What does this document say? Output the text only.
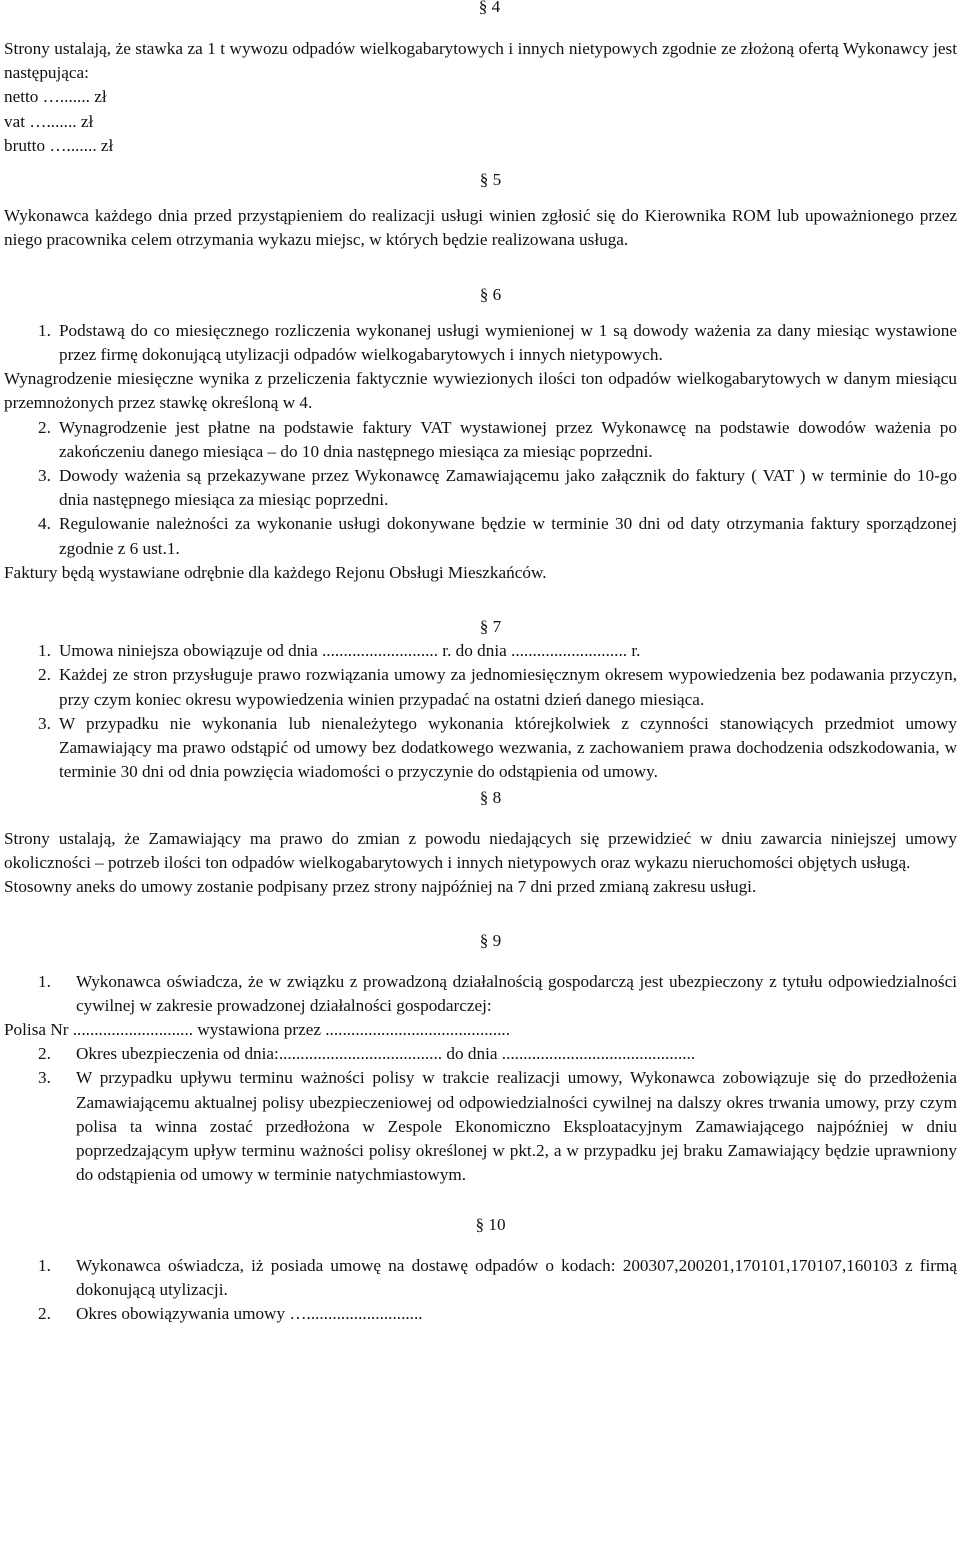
§ 4

Strony ustalają, że stawka za 1 t wywozu odpadów wielkogabarytowych i innych nietypowych zgodnie ze złożoną ofertą Wykonawcy jest następująca:

netto …....... zł

vat …....... zł

brutto …....... zł

§ 5

Wykonawca każdego dnia przed przystąpieniem do realizacji usługi winien zgłosić się do Kierownika ROM lub upoważnionego przez niego pracownika celem otrzymania wykazu miejsc, w których będzie realizowana usługa.

§ 6
1. Podstawą do co miesięcznego rozliczenia wykonanej usługi wymienionej w 1 są dowody ważenia za dany miesiąc wystawione przez firmę dokonującą utylizacji odpadów wielkogabarytowych i innych nietypowych.

Wynagrodzenie miesięczne wynika z przeliczenia faktycznie wywiezionych ilości ton odpadów wielkogabarytowych w danym miesiącu przemnożonych przez stawkę określoną w 4.

2. Wynagrodzenie jest płatne na podstawie faktury VAT wystawionej przez Wykonawcę na podstawie dowodów ważenia po zakończeniu danego miesiąca – do 10 dnia następnego miesiąca za miesiąc poprzedni.
3. Dowody ważenia są przekazywane przez Wykonawcę Zamawiającemu jako załącznik do faktury ( VAT ) w terminie do 10-go dnia następnego miesiąca za miesiąc poprzedni.
4. Regulowanie należności za wykonanie usługi dokonywane będzie w terminie 30 dni od daty otrzymania faktury sporządzonej zgodnie z 6 ust.1.

Faktury będą wystawiane odrębnie dla każdego Rejonu Obsługi Mieszkańców.

§ 7
1. Umowa niniejsza obowiązuje od dnia ........................... r. do dnia ........................... r.
2. Każdej ze stron przysługuje prawo rozwiązania umowy za jednomiesięcznym okresem wypowiedzenia bez podawania przyczyn, przy czym koniec okresu wypowiedzenia winien przypadać na ostatni dzień danego miesiąca.
3. W przypadku nie wykonania lub nienależytego wykonania którejkolwiek z czynności stanowiących przedmiot umowy Zamawiający ma prawo odstąpić od umowy bez dodatkowego wezwania, z zachowaniem prawa dochodzenia odszkodowania, w terminie 30 dni od dnia powzięcia wiadomości o przyczynie do odstąpienia od umowy.
§ 8

Strony ustalają, że Zamawiający ma prawo do zmian z powodu niedających się przewidzieć w dniu zawarcia niniejszej umowy okoliczności – potrzeb ilości ton odpadów wielkogabarytowych i innych nietypowych oraz wykazu nieruchomości objętych usługą.

Stosowny aneks do umowy zostanie podpisany przez strony najpóźniej na 7 dni przed zmianą zakresu usługi.

§ 9
1.	Wykonawca oświadcza, że w związku z prowadzoną działalnością gospodarczą jest ubezpieczony z tytułu odpowiedzialności cywilnej w zakresie prowadzonej działalności gospodarczej:

Polisa Nr ............................ wystawiona przez ...........................................

2.	Okres ubezpieczenia od dnia:...................................... do dnia .............................................
3.	W przypadku upływu terminu ważności polisy w trakcie realizacji umowy, Wykonawca zobowiązuje się do przedłożenia Zamawiającemu aktualnej polisy ubezpieczeniowej od odpowiedzialności cywilnej na dalszy okres trwania umowy, przy czym polisa ta winna zostać przedłożona w Zespole Ekonomiczno Eksploatacyjnym Zamawiającego najpóźniej w dniu poprzedzającym upływ terminu ważności polisy określonej w pkt.2, a w przypadku jej braku Zamawiający będzie uprawniony do odstąpienia od umowy w terminie natychmiastowym.
§ 10
1.	Wykonawca oświadcza, iż posiada umowę na dostawę odpadów o kodach: 200307,200201,170101,170107,160103 z firmą dokonującą utylizacji.
2.	Okres obowiązywania umowy …...........................
